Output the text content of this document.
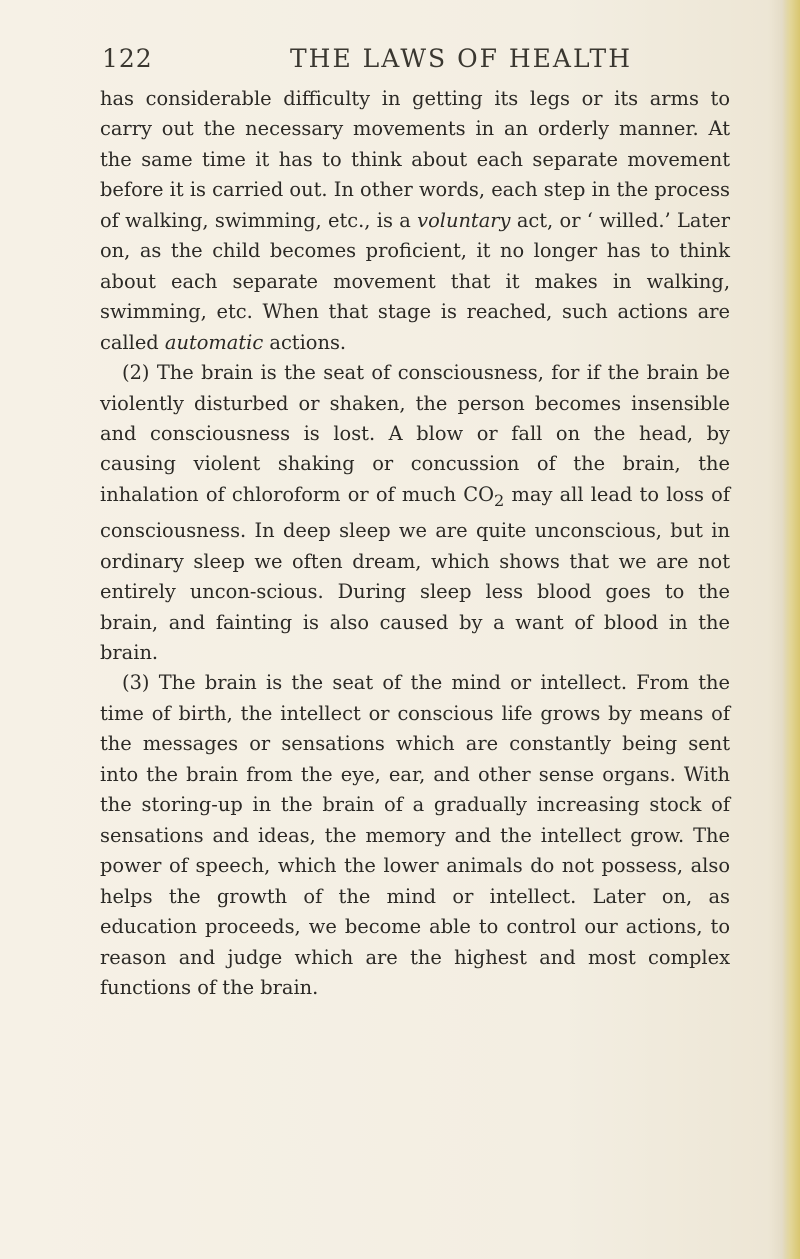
122	THE LAWS OF HEALTH

has considerable difficulty in getting its legs or its arms to carry out the necessary movements in an orderly manner. At the same time it has to think about each separate movement before it is carried out. In other words, each step in the process of walking, swimming, etc., is a voluntary act, or ‘ willed.’ Later on, as the child becomes proficient, it no longer has to think about each separate movement that it makes in walking, swimming, etc. When that stage is reached, such actions are called automatic actions.

(2) The brain is the seat of consciousness, for if the brain be violently disturbed or shaken, the person becomes insensible and consciousness is lost. A blow or fall on the head, by causing violent shaking or concussion of the brain, the inhalation of chloroform or of much $CO_2$ may all lead to loss of consciousness. In deep sleep we are quite unconscious, but in ordinary sleep we often dream, which shows that we are not entirely uncon-scious. During sleep less blood goes to the brain, and fainting is also caused by a want of blood in the brain.

(3) The brain is the seat of the mind or intellect. From the time of birth, the intellect or conscious life grows by means of the messages or sensations which are constantly being sent into the brain from the eye, ear, and other sense organs. With the storing-up in the brain of a gradually increasing stock of sensations and ideas, the memory and the intellect grow. The power of speech, which the lower animals do not possess, also helps the growth of the mind or intellect. Later on, as education proceeds, we become able to control our actions, to reason and judge which are the highest and most complex functions of the brain.
